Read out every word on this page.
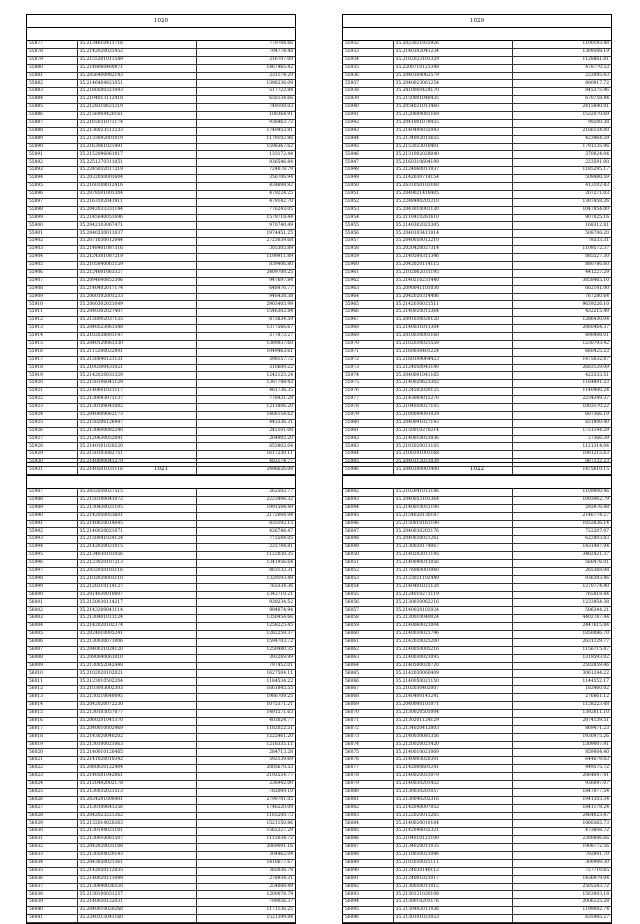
1020
55877	35.2134610411716	779704.66
55878	35.2142020021452	794774.48
55879	35.2155301011549	216707.09
55880	35.2148060460971	1467465.42
55881	35.2056400982143	231174.29
55882	35.2146404821051	1396236.09
55883	35.2160500321043	517722.84
55884	35.2104013112418	656134.66
55885	35.2128310621219	749108.03
55886	35.2156904420161	100364.91
55887	35.2165031071174	936463.72
55888	35.2136023513233	1749453.81
55889	35.2133092001019	1179102.86
55890	35.2163061021491	1596367.62
55891	35.2152096061017	133172.44
55892	35.2251270311051	936546.84
55893	35.2245032017219	724078.79
55894	35.2032050001604	356706.94
55895	35.2160108012416	434698.92
55896	35.2078501001304	479224.25
55897	35.2163102041911	479142.70
55898	35.2042033331144	776243.05
55899	35.2145640051696	1579718.44
55900	35.2042103067471	970740.49
55901	35.2040230011037	1974451.25
55902	35.2071030012044	2723039.68
55903	35.2148401087316	305305.89
55904	35.2124301087219	1199911.89
55905	35.2105040061159	839406.80
55906	35.2124601063327	2409708.25
55907	35.2094640852306	947697.84
55908	35.2140402017174	648476.77
55909	35.2060102001233	946438.38
55910	35.2060302021049	2903403.99
55911	35.2040302027407	1546302.84
55912	35.2150002037135	873834.59
55913	35.2040523061548	1377566.67
55914	35.2102038001147	377873.27
55915	35.2040120061330	1389037.60
55916	35.2115200022001	1949463.61
55917	35.2150040121131	398157.72
55918	35.2100300431021	310609.22
55919	35.2142020031329	1242123.24
55920	35.2150106041129	1387748.43
55921	35.2140601021117	481736.35
55922	35.2130093071137	778431.28
55923	35.2130109041002	1211806.20
55924	35.2040009062173	1406154.62
55925	35.2150206126947	445336.31
55926	35.2130600082240	242101.08
55927	35.2120630052041	204902.20
55928	35.2140101020220	653802.04
55929	35.2150103082751	1617230.11
55930	35.2140000041279	403174.77
55931	35.2140501031116	2496626.08
1029
55932	35.2023021925926	1100193.48
55933	35.2140302041234	1309598.19
55934	35.2102023101329	1128861.81
55935	35.2200710121348	478770.53
55936	35.2040304062579	233095.43
55937	35.2040023061254	800917.72
55938	35.2410060424170	845375.96
55939	35.2150001048435	670758.44
55940	35.2054021011460	2415840.01
55941	35.2120604081169	1532070.69
55942	35.2041001078455	99200.38
55943	35.2140400032043	2166154.00
55944	35.2134002015655	423464.29
55945	35.2153023010401	1791135.96
55946	35.2131002028040	370024.04
55947	35.2160310604199	223591.00
55948	35.2124060011037	1185295.17
55949	35.2142030714154	509480.59
55950	35.2631050103160	413102.43
55951	35.2049021418405	207271.03
55952	35.2248400201210	1307458.26
55953	35.2043010001130	1047854.00
55954	35.2110410261610	907025.16
55955	35.2140302023305	168312.81
55956	35.2040103411014	508706.20
55957	35.2040050012210	78333.31
55958	35.2020420027314	1109572.37
55959	35.2140500311346	885527.30
55960	35.2042020114115	880786.60
55961	35.2102062031195	441227.29
55962	35.2140210231440	3858465.10
55963	35.2090041101030	662141.00
55964	35.2042020314406	767280.64
55965	35.2142030021511	9639226.10
55966	35.2140020013364	432215.49
55967	35.2091030020120	1286430.04
55968	35.2140031011304	2860464.37
55969	35.2010030001160	890498.01
55970	35.2102030021559	1230793.42
55971	35.2160030401224	660425.23
55972	35.2160109064423	1475632.87
55973	35.2124050043140	2683129.09
55974	35.2040001041165	422333.51
55975	35.2140020623302	1164891.23
55976	35.2124502020125	1140400.24
55977	35.2143060012270	2234349.37
55978	35.2104050027105	1003170.22
55979	35.2100049091029	607366.19
55980	35.2040091027143	831800.40
55981	35.2150010270214	1751144.29
55982	35.2140010023036	27366.39
55983	35.2102020021103	1121314.04
55984	35.2100101001168	1061215.63
55985	35.2040312021039	867132.23
55986	35.2040300001400	1475610.15
1021
55987	35.2032030027515	262502.77
55988	35.2150100041072	2223406.32
55989	35.2130430021105	1991594.49
55990	35.2142050053601	2172004.94
55991	35.2140020014045	835192.15
55992	35.2140020021071	426746.47
55993	35.2150041024124	775584.05
55994	35.2142020021015	225744.81
55995	35.2134030101056	1122030.35
55996	35.2123020107213	1341956.64
55997	35.2032050103116	863132.31
55998	35.2102020003110	1329193.49
55999	35.2120310114127	763334.36
56000	35.2014030010007	1342710.21
56001	35.2150030114217	939234.52
56002	35.2143200041114	994074.94
56003	35.2130401011124	1350454.66
56004	35.2142020102374	1258225.45
56005	35.2024010005241	1282259.37
56006	35.2130030071006	1594703.72
56007	35.2040031024120	1250480.35
56008	35.2090040061010	393269.99
56009	35.2130052042448	797452.01
56010	35.2102020102021	1627504.11
56011	35.2123010502204	1184534.22
56012	35.2103003002303	1661845.55
56013	35.2130210640095	1986709.25
56014	35.2042020072230	1075371.21
56015	35.2130103057077	1491571.63
56016	35.2060201041370	403024.77
56017	35.2040010002469	1182022.51
56018	35.2143020040202	1222461.20
56019	35.2130100021063	1218335.11
56020	35.2140010120465	284713.28
56021	35.2141020010342	592139.69
56022	35.2060020122404	2005670.53
56023	35.2140501042061	2192554.77
56024	35.2120402002178	236942.00
56025	35.2130032021513	782009.10
56026	35.2024201000401	2790701.05
56027	35.2130100641256	1746220.09
56028	35.2042023221262	1165200.73
56029	35.2132014020263	1521150.86
56030	35.2130104021101	1562227.29
56031	35.2130010061507	1115034.72
56032	35.2042020031108	2069091.16
56033	35.2130504020143	304462.04
56034	35.2043050021361	1410677.67
56035	35.2142050112035	365036.78
56036	35.2140020111049	278934.31
56037	35.2130040030320	254088.49
56038	35.2130100031257	1200078.79
56039	35.2140050122031	799056.37
56040	35.2040010020268	1171136.25
56041	35.2240315041160	1521399.84
1022
56042	35.2102041013186	1109900.46
56043	35.2040053101364	1093962.79
56044	35.2140010051190	293876.48
56045	35.2154020130187	2146774.27
56046	35.2150010161190	1052636.14
56047	35.2040030203176	722207.07
56048	35.2040030021261	622803.83
56049	35.2130020174067	1431487.94
56050	35.2140202011145	3482421.37
56051	35.2140040011056	560476.01
56052	35.2176060001060	265368.08
56053	35.2123021102449	936393.46
56054	35.2140401021128	1270774.40
56055	35.2124010271119	765818.44
56056	35.2130030062216	1233954.38
56057	35.2140020102024	506344.21
56058	35.2130010040024	4402787.44
56059	35.2140060021004	2447615.84
56060	35.2140030021796	1850086.70
56061	35.2142020025200	2631129.77
56062	35.2140050005216	1156715.47
56063	35.2140030021095	1319593.02
56064	35.2140500020720	2502859.46
56065	35.2142030060409	3061244.22
56066	35.2140050021150	1144552.17
56067	35.2102030402007	182460.02
56068	35.2140400141241	276861.12
56069	35.2040000101071	1158223.48
56070	35.2130020501004	1392811.10
56071	35.2130201124129	2874139.51
56072	35.2134020412003	869471.23
56073	35.2140030081356	1930975.26
56074	35.2120020021420	1309007.91
56075	35.2140010021069	859004.40
56076	35.2140003020301	644679.83
56077	35.2142000601241	449575.72
56078	35.2140020021079	2064047.41
56079	35.2140030201452	936097.07
56080	35.2130030201057	1847077.54
56081	35.2130040202316	1941303.34
56082	35.2142040007052	1841178.24
56083	35.2122020012265	2464023.47
56084	35.2140020010104	1060365.73
56085	35.2142040032321	473608.72
56086	35.2104010121100	2380846.66
56087	35.2134020011035	1908772.56
56088	35.2110030021046	792841.70
56089	35.2102030021111	300999.30
56090	35.2124030140112	727710.65
56091	35.2124001021017	1436979.04
56092	35.2130050011012	2505543.72
56093	35.2130121020108	1563003.18
56094	35.2130010201176	2006125.28
56095	35.2130402011036	1199002.74
56096	35.2130101021023	635445.27
